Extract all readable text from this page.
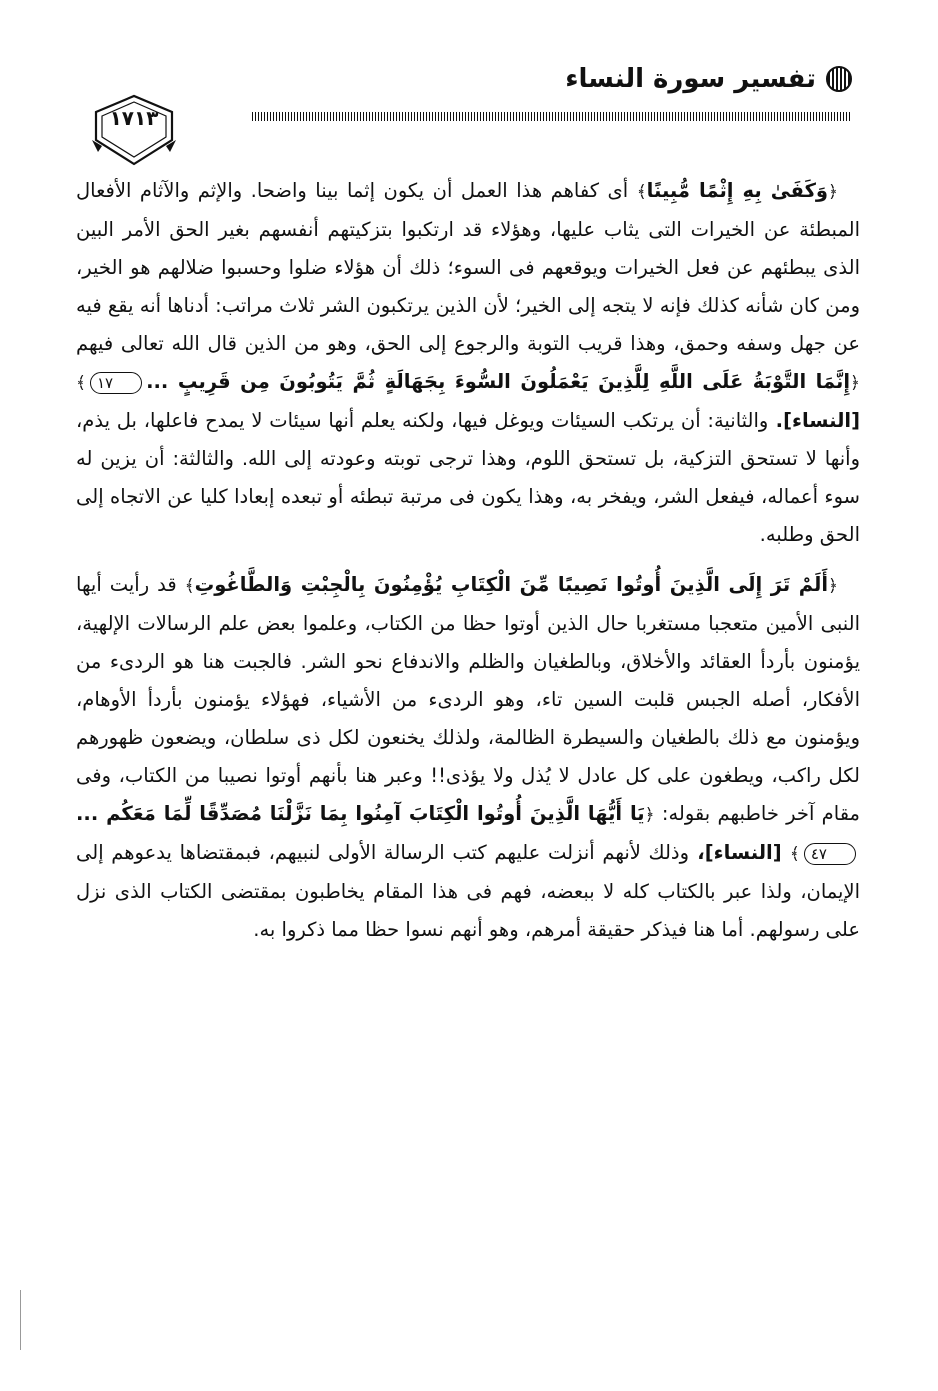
تفسير سورة النساء
١٧١٣

﴿وَكَفَىٰ بِهِ إِثْمًا مُّبِينًا﴾ أى كفاهم هذا العمل أن يكون إثما بينا واضحا. والإثم والآثام الأفعال المبطئة عن الخيرات التى يثاب عليها، وهؤلاء قد ارتكبوا بتزكيتهم أنفسهم بغير الحق الأمر البين الذى يبطئهم عن فعل الخيرات ويوقعهم فى السوء؛ ذلك أن هؤلاء ضلوا وحسبوا ضلالهم هو الخير، ومن كان شأنه كذلك فإنه لا يتجه إلى الخير؛ لأن الذين يرتكبون الشر ثلاث مراتب: أدناها أنه يقع فيه عن جهل وسفه وحمق، وهذا قريب التوبة والرجوع إلى الحق، وهو من الذين قال الله تعالى فيهم ﴿إِنَّمَا التَّوْبَةُ عَلَى اللَّهِ لِلَّذِينَ يَعْمَلُونَ السُّوءَ بِجَهَالَةٍ ثُمَّ يَتُوبُونَ مِن قَرِيبٍ ...١٧﴾ [النساء]. والثانية: أن يرتكب السيئات ويوغل فيها، ولكنه يعلم أنها سيئات لا يمدح فاعلها، بل يذم، وأنها لا تستحق التزكية، بل تستحق اللوم، وهذا ترجى توبته وعودته إلى الله. والثالثة: أن يزين له سوء أعماله، فيفعل الشر، ويفخر به، وهذا يكون فى مرتبة تبطئه أو تبعده إبعادا كليا عن الاتجاه إلى الحق وطلبه.

﴿أَلَمْ تَرَ إِلَى الَّذِينَ أُوتُوا نَصِيبًا مِّنَ الْكِتَابِ يُؤْمِنُونَ بِالْجِبْتِ وَالطَّاغُوتِ﴾ قد رأيت أيها النبى الأمين متعجبا مستغربا حال الذين أوتوا حظا من الكتاب، وعلموا بعض علم الرسالات الإلهية، يؤمنون بأردأ العقائد والأخلاق، وبالطغيان والظلم والاندفاع نحو الشر. فالجبت هنا هو الردىء من الأفكار، أصله الجبس قلبت السين تاء، وهو الردىء من الأشياء، فهؤلاء يؤمنون بأردأ الأوهام، ويؤمنون مع ذلك بالطغيان والسيطرة الظالمة، ولذلك يخنعون لكل ذى سلطان، ويضعون ظهورهم لكل راكب، ويطغون على كل عادل لا يُذل ولا يؤذى!! وعبر هنا بأنهم أوتوا نصيبا من الكتاب، وفى مقام آخر خاطبهم بقوله: ﴿يَا أَيُّهَا الَّذِينَ أُوتُوا الْكِتَابَ آمِنُوا بِمَا نَزَّلْنَا مُصَدِّقًا لِّمَا مَعَكُم ...٤٧﴾ [النساء]، وذلك لأنهم أنزلت عليهم كتب الرسالة الأولى لنبيهم، فبمقتضاها يدعوهم إلى الإيمان، ولذا عبر بالكتاب كله لا ببعضه، فهم فى هذا المقام يخاطبون بمقتضى الكتاب الذى نزل على رسولهم. أما هنا فيذكر حقيقة أمرهم، وهو أنهم نسوا حظا مما ذكروا به.
